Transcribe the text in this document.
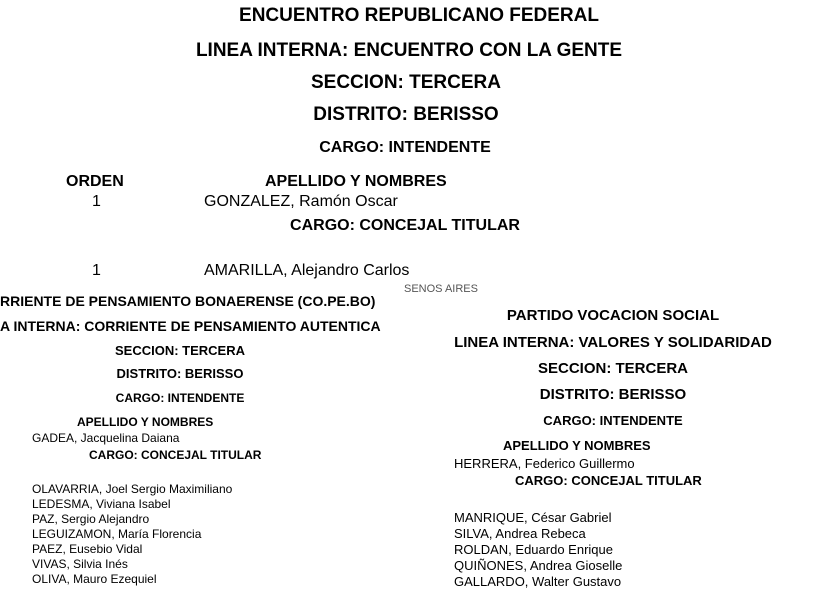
ENCUENTRO REPUBLICANO FEDERAL
LINEA INTERNA: ENCUENTRO CON LA GENTE
SECCION: TERCERA
DISTRITO: BERISSO
CARGO: INTENDENTE
ORDEN	APELLIDO Y NOMBRES
1	GONZALEZ, Ramón Oscar
CARGO: CONCEJAL TITULAR
1	AMARILLA, Alejandro Carlos
SENOS AIRES
RRIENTE DE PENSAMIENTO BONAERENSE (CO.PE.BO)
A INTERNA: CORRIENTE DE PENSAMIENTO AUTENTICA
SECCION: TERCERA
DISTRITO: BERISSO
CARGO: INTENDENTE
APELLIDO Y NOMBRES
GADEA, Jacquelina Daiana
CARGO: CONCEJAL TITULAR
OLAVARRIA, Joel Sergio Maximiliano
LEDESMA, Viviana Isabel
PAZ, Sergio Alejandro
LEGUIZAMON, María Florencia
PAEZ, Eusebio Vidal
VIVAS, Silvia Inés
OLIVA, Mauro Ezequiel
PARTIDO VOCACION SOCIAL
LINEA INTERNA: VALORES Y SOLIDARIDAD
SECCION: TERCERA
DISTRITO: BERISSO
CARGO: INTENDENTE
APELLIDO Y NOMBRES
HERRERA, Federico Guillermo
CARGO: CONCEJAL TITULAR
MANRIQUE, César Gabriel
SILVA, Andrea Rebeca
ROLDAN, Eduardo Enrique
QUIÑONES, Andrea Gioselle
GALLARDO, Walter Gustavo
